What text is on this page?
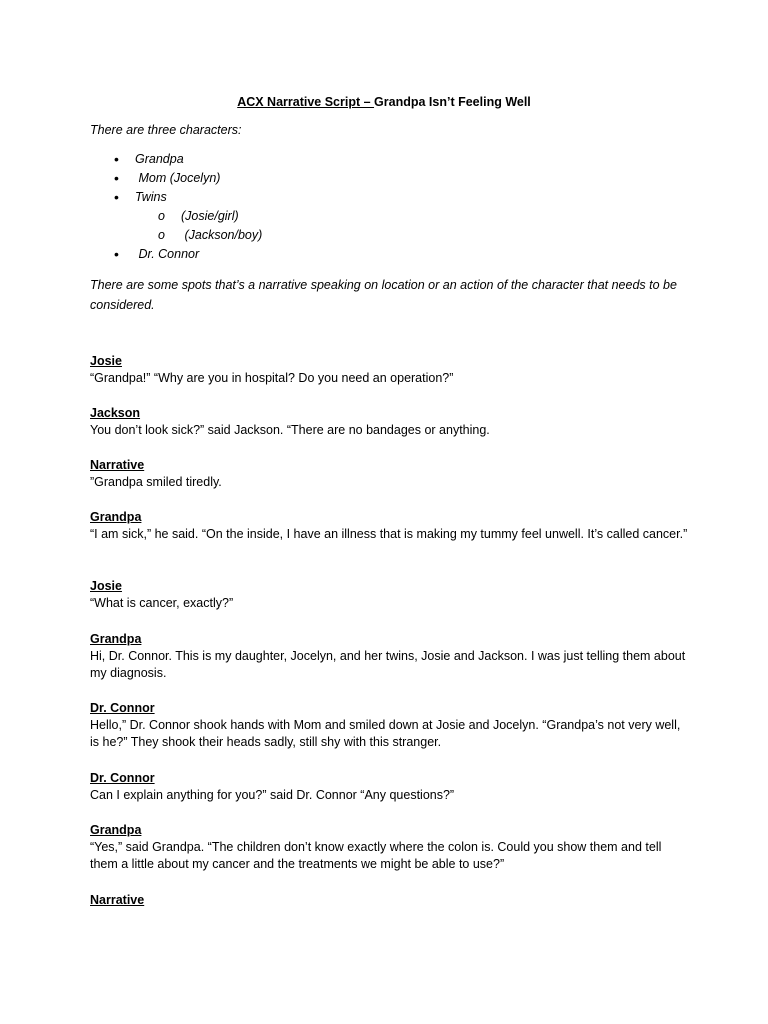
ACX Narrative Script – Grandpa Isn’t Feeling Well
There are three characters:
• Grandpa
• Mom (Jocelyn)
• Twins
o (Josie/girl)
o (Jackson/boy)
• Dr. Connor
There are some spots that’s a narrative speaking on location or an action of the character that needs to be considered.
Josie
“Grandpa!” “Why are you in hospital? Do you need an operation?”
Jackson
You don’t look sick?” said Jackson. “There are no bandages or anything.
Narrative
”Grandpa smiled tiredly.
Grandpa
“I am sick,” he said. “On the inside, I have an illness that is making my tummy feel unwell. It’s called cancer.”
Josie
“What is cancer, exactly?”
Grandpa
Hi, Dr. Connor. This is my daughter, Jocelyn, and her twins, Josie and Jackson. I was just telling them about my diagnosis.
Dr. Connor
Hello,” Dr. Connor shook hands with Mom and smiled down at Josie and Jocelyn. “Grandpa’s not very well, is he?” They shook their heads sadly, still shy with this stranger.
Dr. Connor
Can I explain anything for you?” said Dr. Connor “Any questions?”
Grandpa
“Yes,” said Grandpa. “The children don’t know exactly where the colon is. Could you show them and tell them a little about my cancer and the treatments we might be able to use?”
Narrative
